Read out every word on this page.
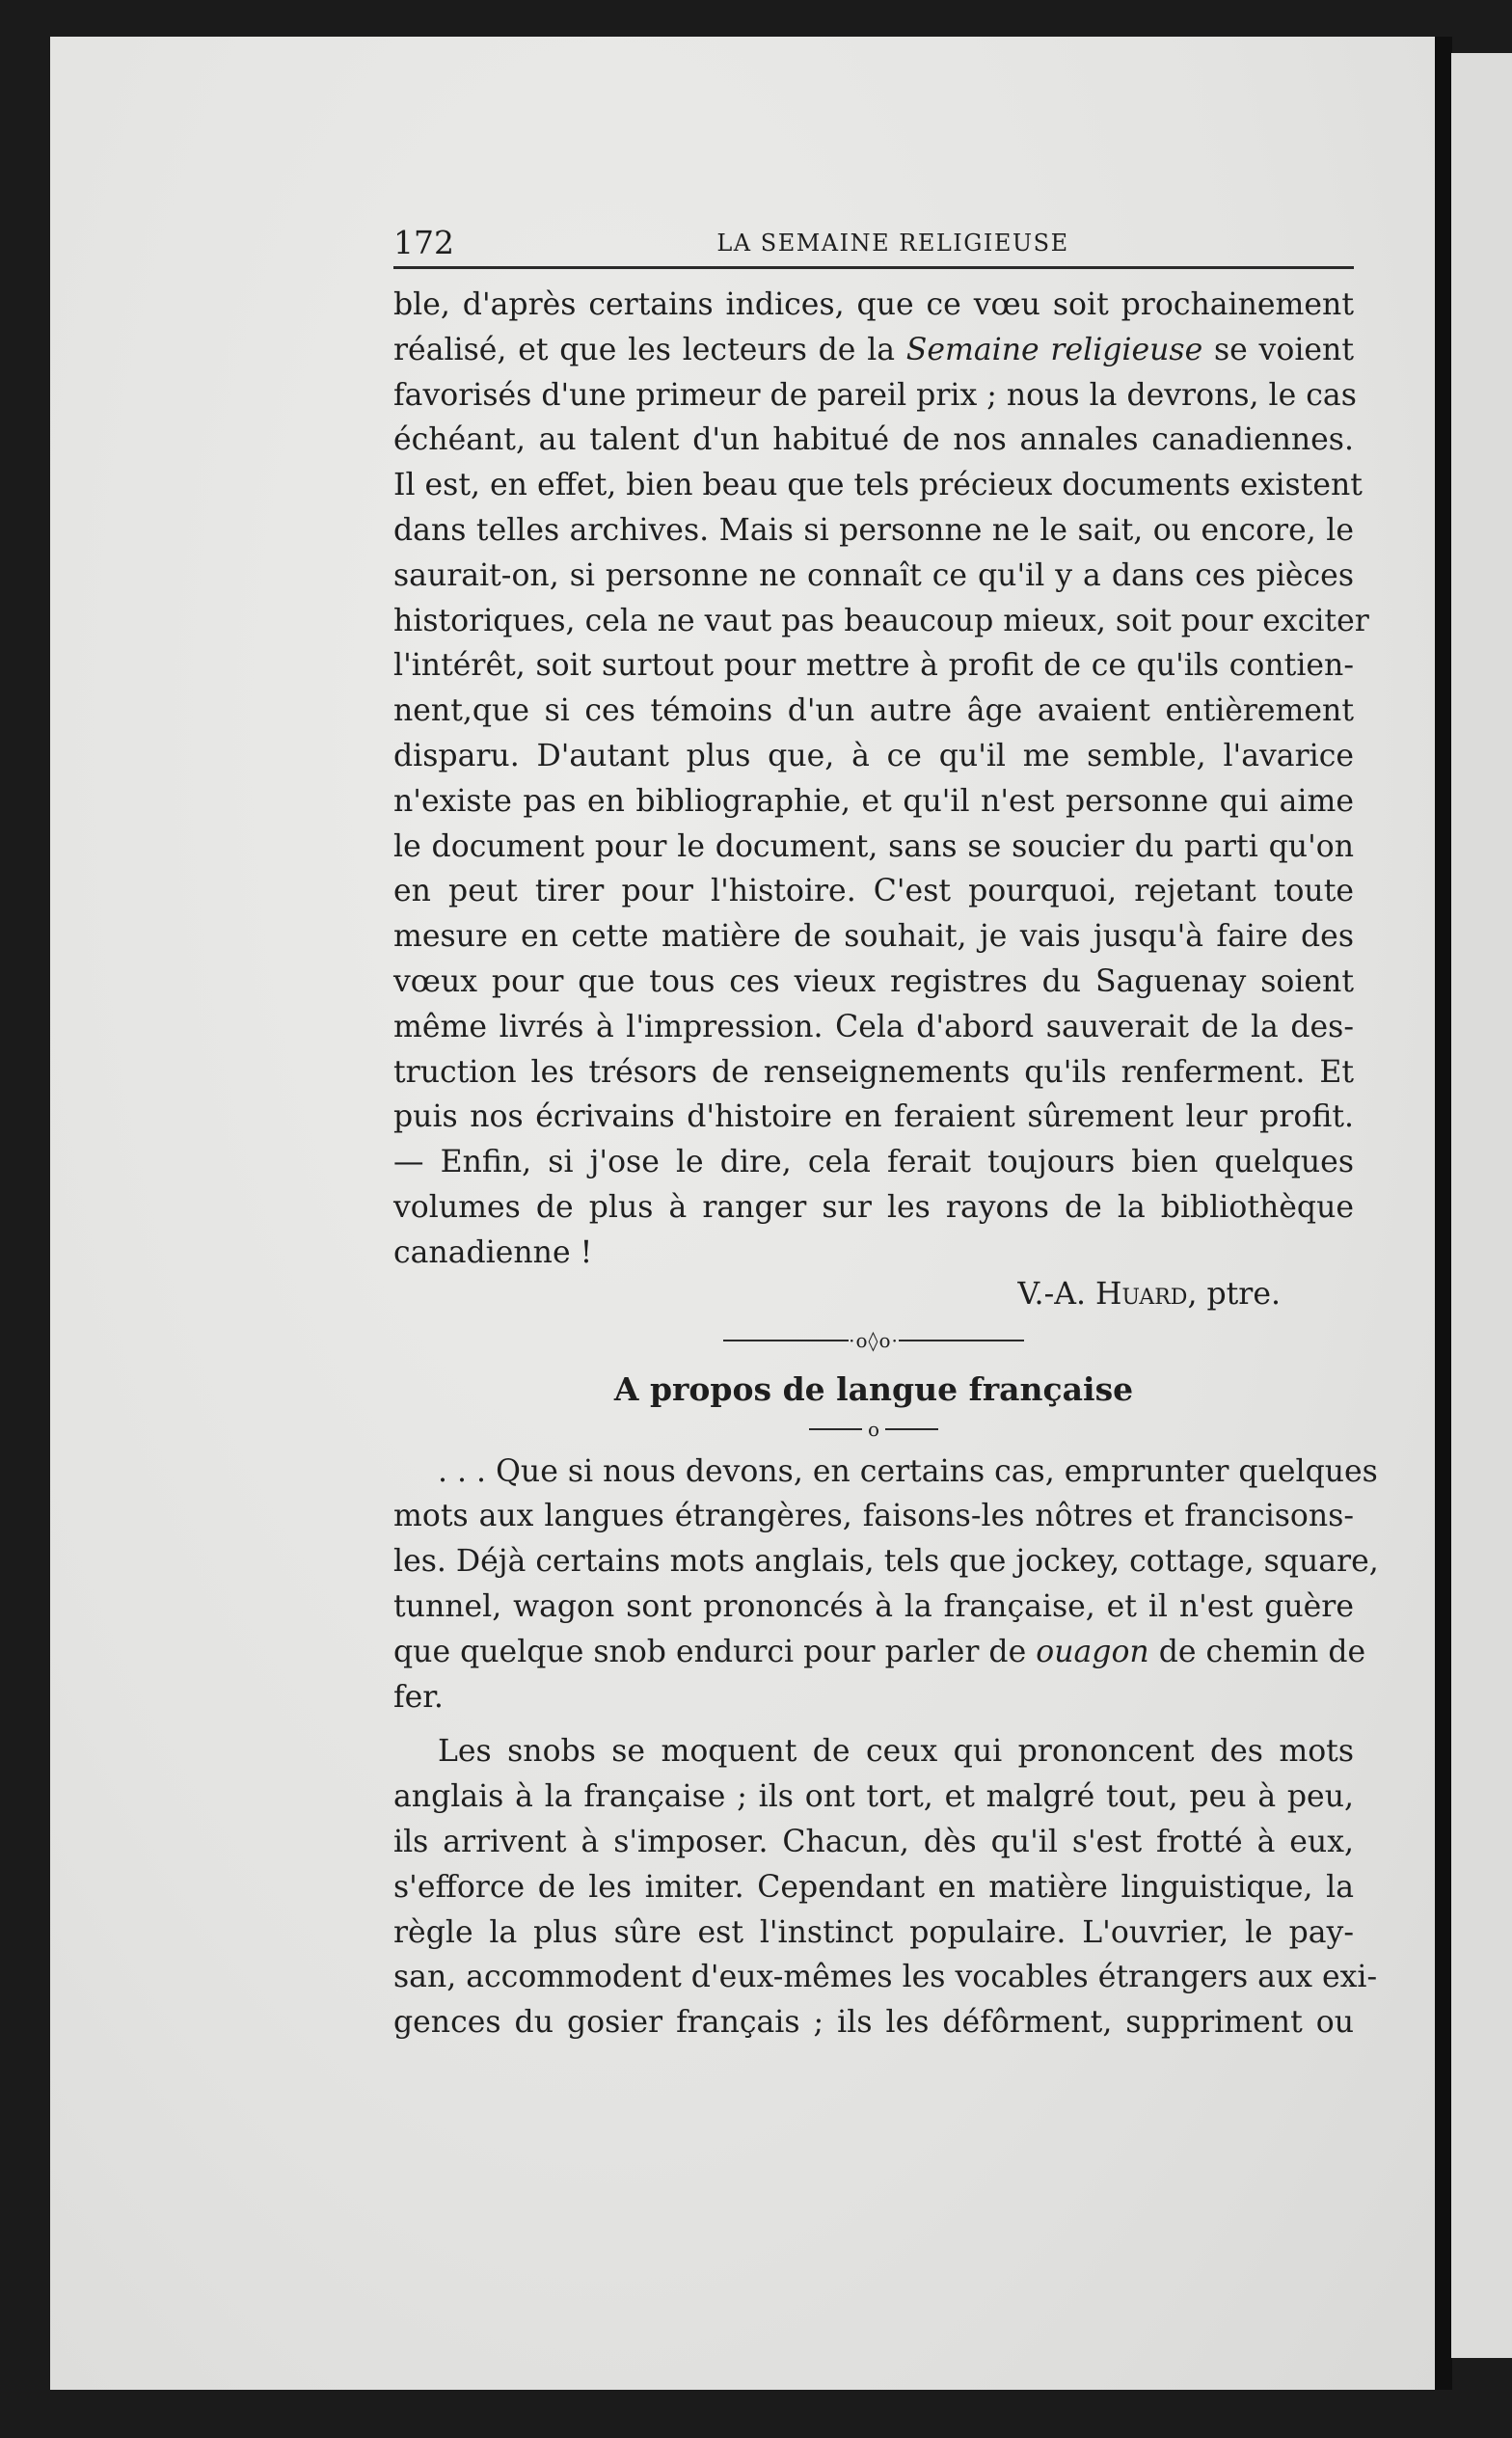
172	LA SEMAINE RELIGIEUSE

ble, d'après certains indices, que ce vœu soit prochainement
réalisé, et que les lecteurs de la Semaine religieuse se voient
favorisés d'une primeur de pareil prix ; nous la devrons, le cas
échéant, au talent d'un habitué de nos annales canadiennes.
Il est, en effet, bien beau que tels précieux documents existent
dans telles archives. Mais si personne ne le sait, ou encore, le
saurait-on, si personne ne connaît ce qu'il y a dans ces pièces
historiques, cela ne vaut pas beaucoup mieux, soit pour exciter
l'intérêt, soit surtout pour mettre à profit de ce qu'ils contien-
nent,que si ces témoins d'un autre âge avaient entièrement
disparu. D'autant plus que, à ce qu'il me semble, l'avarice
n'existe pas en bibliographie, et qu'il n'est personne qui aime
le document pour le document, sans se soucier du parti qu'on
en peut tirer pour l'histoire. C'est pourquoi, rejetant toute
mesure en cette matière de souhait, je vais jusqu'à faire des
vœux pour que tous ces vieux registres du Saguenay soient
même livrés à l'impression. Cela d'abord sauverait de la des-
truction les trésors de renseignements qu'ils renferment. Et
puis nos écrivains d'histoire en feraient sûrement leur profit.
— Enfin, si j'ose le dire, cela ferait toujours bien quelques
volumes de plus à ranger sur les rayons de la bibliothèque
canadienne !

V.-A. Huard, ptre.
·o◊o·
A propos de langue française
o

. . . Que si nous devons, en certains cas, emprunter quelques
mots aux langues étrangères, faisons-les nôtres et francisons-
les. Déjà certains mots anglais, tels que jockey, cottage, square,
tunnel, wagon sont prononcés à la française, et il n'est guère
que quelque snob endurci pour parler de ouagon de chemin de
fer.

Les snobs se moquent de ceux qui prononcent des mots
anglais à la française ; ils ont tort, et malgré tout, peu à peu,
ils arrivent à s'imposer. Chacun, dès qu'il s'est frotté à eux,
s'efforce de les imiter. Cependant en matière linguistique, la
règle la plus sûre est l'instinct populaire. L'ouvrier, le pay-
san, accommodent d'eux-mêmes les vocables étrangers aux exi-
gences du gosier français ; ils les défôrment, suppriment ou
